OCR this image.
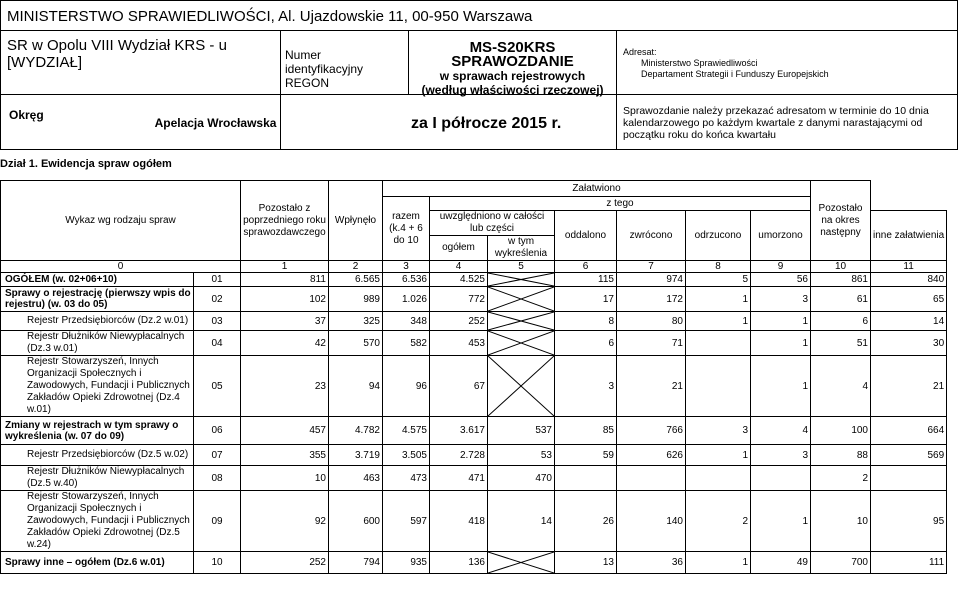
MINISTERSTWO SPRAWIEDLIWOŚCI, Al. Ujazdowskie 11, 00-950 Warszawa
SR w Opolu VIII Wydział KRS - u [WYDZIAŁ]	Numer
identyfikacyjny
REGON
MS-S20KRS
SPRAWOZDANIE
w sprawach rejestrowych
(według właściwości rzeczowej)
Adresat:
Ministerstwo Sprawiedliwości
Departament Strategii i Funduszy Europejskich
Okręg
Apelacja Wrocławska	za I półrocze 2015 r.
Sprawozdanie należy przekazać adresatom w terminie do 10 dnia kalendarzowego po każdym kwartale z danymi narastającymi od początku roku do końca kwartału
Dział 1. Ewidencja spraw ogółem
Wykaz wg rodzaju spraw		Pozostało z poprzedniego roku sprawozdawczego	Wpłynęło	Załatwiono							Pozostało na okres następny	
				razem (k.4 + 6 do 10	z tego							
					uwzględniono w całości lub części		oddalono	zwrócono	odrzucono	umorzono		inne załatwienia
					ogółem	w tym wykreślenia						
0		1	2	3	4	5	6	7	8	9	10	11
OGÓŁEM (w. 02+06+10)	01	811	6.565	6.536	4.525		115	974	5	56	861	840
Sprawy o rejestrację (pierwszy wpis do rejestru) (w. 03 do 05)	02	102	989	1.026	772		17	172	1	3	61	65
Rejestr Przedsiębiorców (Dz.2 w.01)	03	37	325	348	252		8	80	1	1	6	14
Rejestr Dłużników Niewypłacalnych (Dz.3 w.01)	04	42	570	582	453		6	71		1	51	30
Rejestr Stowarzyszeń, Innych Organizacji Społecznych i Zawodowych, Fundacji i Publicznych Zakładów Opieki Zdrowotnej (Dz.4 w.01)	05	23	94	96	67		3	21		1	4	21
Zmiany w rejestrach w tym sprawy o wykreślenia (w. 07 do 09)	06	457	4.782	4.575	3.617	537	85	766	3	4	100	664
Rejestr Przedsiębiorców (Dz.5 w.02)	07	355	3.719	3.505	2.728	53	59	626	1	3	88	569
Rejestr Dłużników Niewypłacalnych (Dz.5 w.40)	08	10	463	473	471	470					2	
Rejestr Stowarzyszeń, Innych Organizacji Społecznych i Zawodowych, Fundacji i Publicznych Zakładów Opieki Zdrowotnej (Dz.5 w.24)	09	92	600	597	418	14	26	140	2	1	10	95
Sprawy inne – ogółem (Dz.6 w.01)	10	252	794	935	136		13	36	1	49	700	111
